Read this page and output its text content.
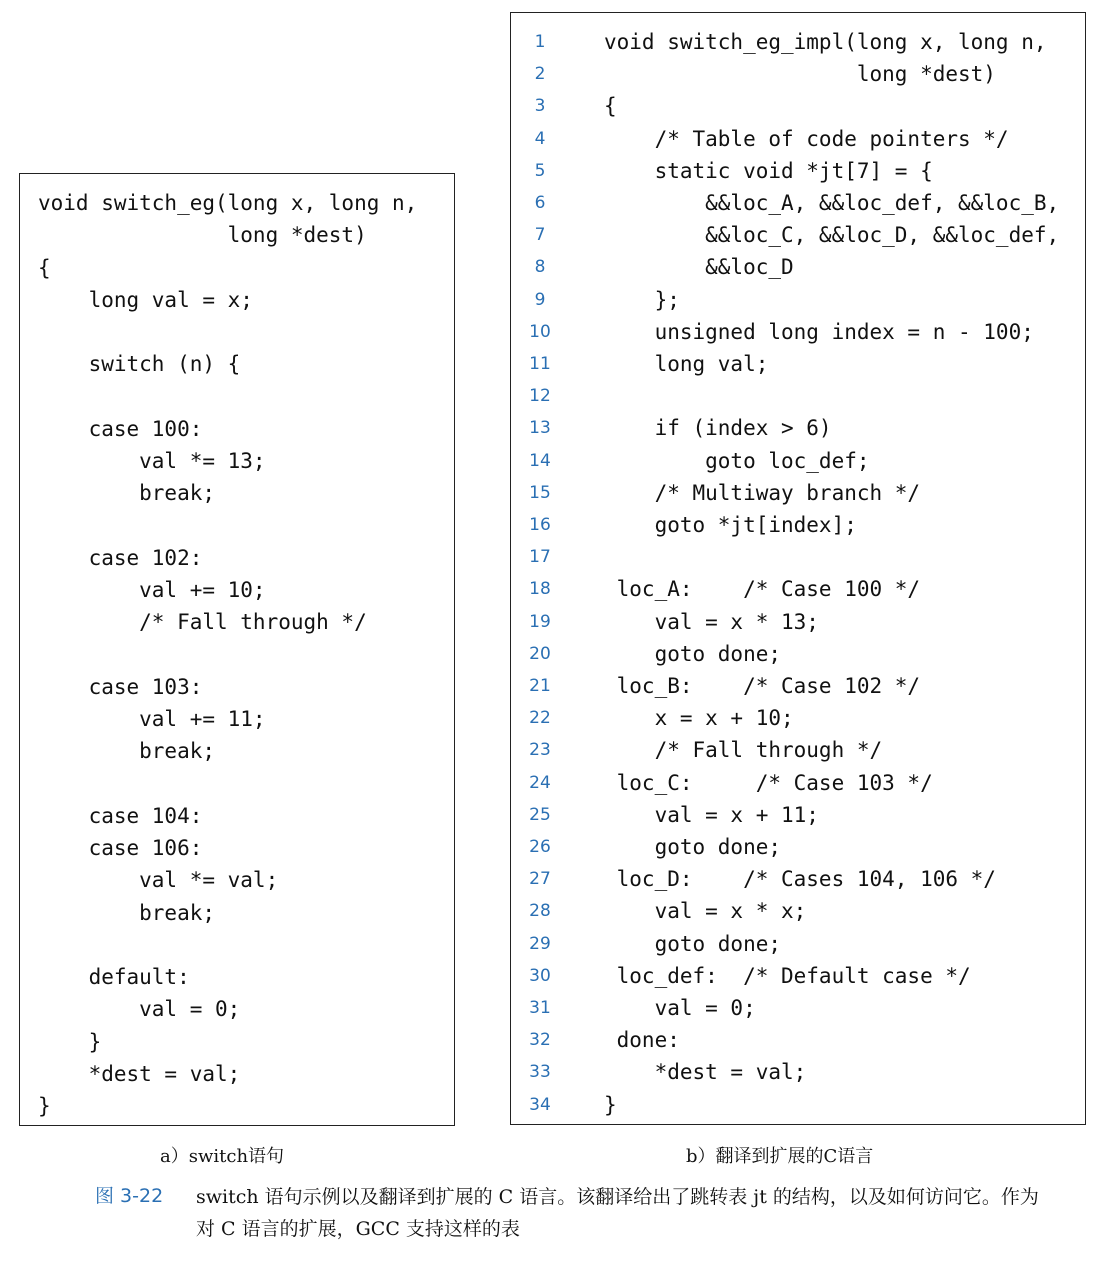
void switch_eg(long x, long n,
long *dest)
{
long val = x;
switch (n) {
case 100:
val *= 13;
break;
case 102:
val += 10;
/* Fall through */
case 103:
val += 11;
break;
case 104:
case 106:
val *= val;
break;
default:
val = 0;
}
*dest = val;
}
1	void switch_eg_impl(long x, long n,
2	long *dest)
3	{
4	/* Table of code pointers */
5	static void *jt[7] = {
6	&&loc_A, &&loc_def, &&loc_B,
7	&&loc_C, &&loc_D, &&loc_def,
8	&&loc_D
9	};
10	unsigned long index = n - 100;
11	long val;
12
13	if (index > 6)
14	goto loc_def;
15	/* Multiway branch */
16	goto *jt[index];
17
18	loc_A:    /* Case 100 */
19	val = x * 13;
20	goto done;
21	loc_B:    /* Case 102 */
22	x = x + 10;
23	/* Fall through */
24	loc_C:     /* Case 103 */
25	val = x + 11;
26	goto done;
27	loc_D:    /* Cases 104, 106 */
28	val = x * x;
29	goto done;
30	loc_def:  /* Default case */
31	val = 0;
32	done:
33	*dest = val;
34	}
a）switch语句	b）翻译到扩展的C语言
图 3-22 switch 语句示例以及翻译到扩展的 C 语言。该翻译给出了跳转表 jt 的结构，以及如何访问它。作为对 C 语言的扩展，GCC 支持这样的表
